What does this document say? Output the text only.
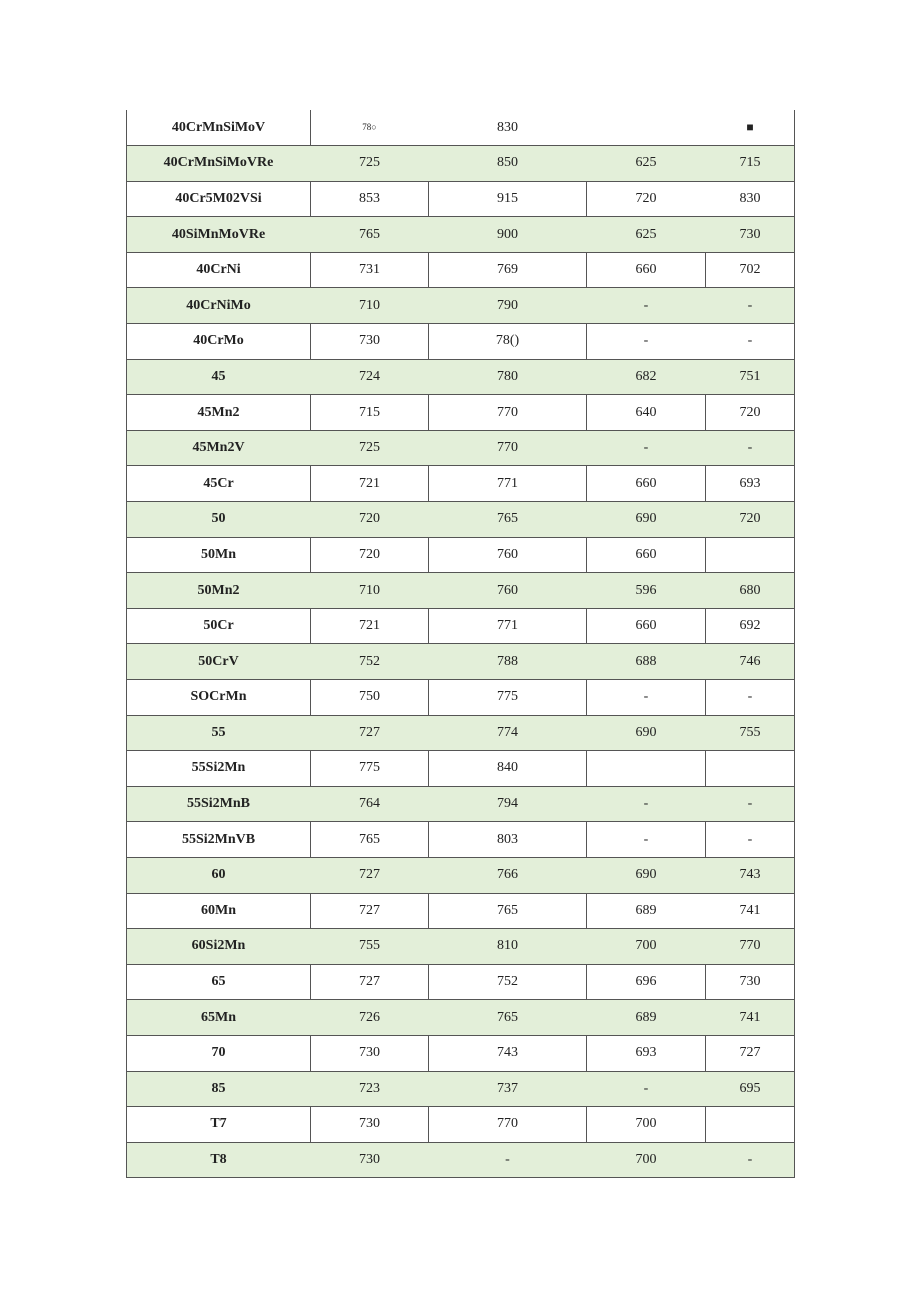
40CrMnSiMoV	78○	830		■
40CrMnSiMoVRe	725	850	625	715
40Cr5M02VSi	853	915	720	830
40SiMnMoVRe	765	900	625	730
40CrNi	731	769	660	702
40CrNiMo	710	790	-	-
40CrMo	730	78()	-	-
45	724	780	682	751
45Mn2	715	770	640	720
45Mn2V	725	770	-	-
45Cr	721	771	660	693
50	720	765	690	720
50Mn	720	760	660	
50Mn2	710	760	596	680
50Cr	721	771	660	692
50CrV	752	788	688	746
SOCrMn	750	775	-	-
55	727	774	690	755
55Si2Mn	775	840		
55Si2MnB	764	794	-	-
55Si2MnVB	765	803	-	-
60	727	766	690	743
60Mn	727	765	689	741
60Si2Mn	755	810	700	770
65	727	752	696	730
65Mn	726	765	689	741
70	730	743	693	727
85	723	737	-	695
T7	730	770	700	
T8	730	-	700	-
